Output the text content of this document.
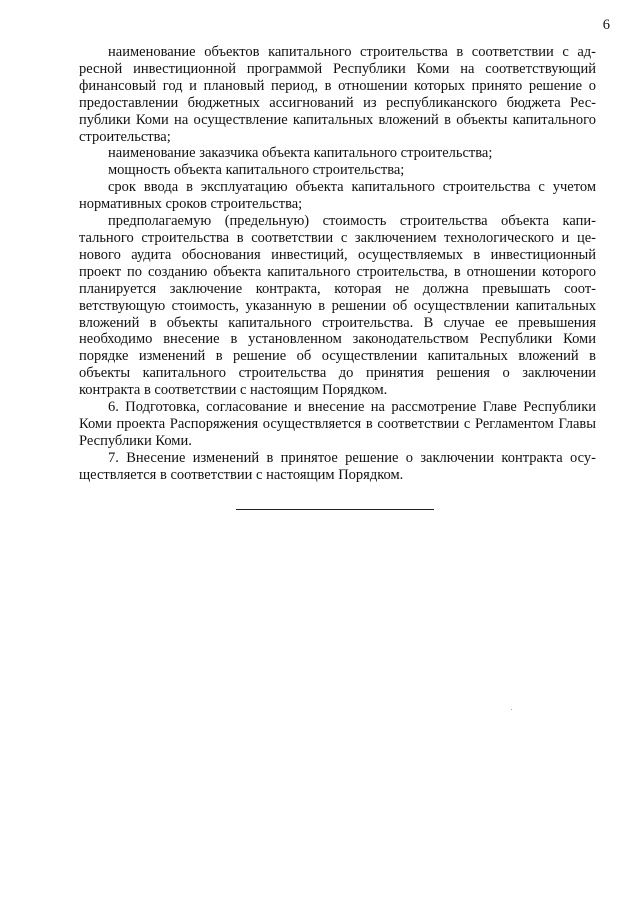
6

наименование объектов капитального строительства в соответствии с адресной инвестиционной программой Республики Коми на соответствующий финансовый год и плановый период, в отношении которых принято решение о предоставлении бюджетных ассигнований из республиканского бюджета Республики Коми на осуществление капитальных вложений в объекты капитального строительства;

наименование заказчика объекта капитального строительства;

мощность объекта капитального строительства;

срок ввода в эксплуатацию объекта капитального строительства с учетом нормативных сроков строительства;

предполагаемую (предельную) стоимость строительства объекта капитального строительства в соответствии с заключением технологического и ценового аудита обоснования инвестиций, осуществляемых в инвестиционный проект по созданию объекта капитального строительства, в отношении которого планируется заключение контракта, которая не должна превышать соответствующую стоимость, указанную в решении об осуществлении капитальных вложений в объекты капитального строительства. В случае ее превышения необходимо внесение в установленном законодательством Республики Коми порядке изменений в решение об осуществлении капитальных вложений в объекты капитального строительства до принятия решения о заключении контракта в соответствии с настоящим Порядком.

6. Подготовка, согласование и внесение на рассмотрение Главе Республики Коми проекта Распоряжения осуществляется в соответствии с Регламентом Главы Республики Коми.

7. Внесение изменений в принятое решение о заключении контракта осуществляется в соответствии с настоящим Порядком.
